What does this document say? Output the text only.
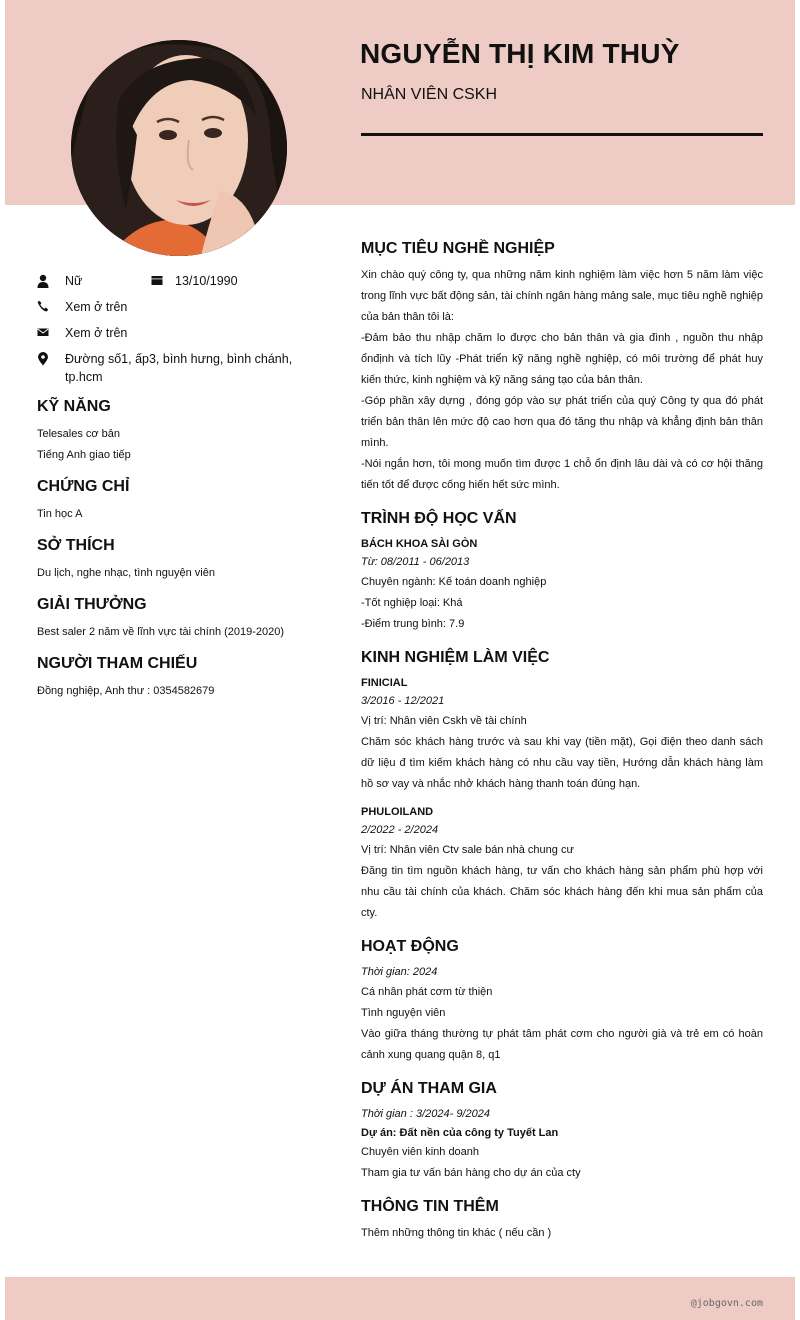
NGUYỄN THỊ KIM THUỲ
NHÂN VIÊN CSKH
Nữ	13/10/1990
Xem ở trên
Xem ở trên
Đường số1, ấp3, bình hưng, bình chánh, tp.hcm
KỸ NĂNG

Telesales cơ bản

Tiếng Anh giao tiếp

CHỨNG CHỈ

Tin học A

SỞ THÍCH

Du lịch, nghe nhạc, tình nguyện viên

GIẢI THƯỞNG

Best saler 2 năm về lĩnh vực tài chính (2019-2020)

NGƯỜI THAM CHIẾU

Đồng nghiệp, Anh thư : 0354582679

MỤC TIÊU NGHỀ NGHIỆP

Xin chào quý công ty, qua những năm kinh nghiệm làm việc hơn 5 năm làm việc trong lĩnh vực bất động sản, tài chính ngân hàng mảng sale, mục tiêu nghề nghiệp của bản thân tôi là:

-Đảm bảo thu nhập chăm lo được cho bản thân và gia đình , nguồn thu nhập ổnđịnh và tích lũy -Phát triển kỹ năng nghề nghiệp, có môi trường để phát huy kiến thức, kinh nghiệm và kỹ năng sáng tạo của bản thân.

-Góp phần xây dựng , đóng góp vào sự phát triển của quý Công ty qua đó phát triển bản thân lên mức độ cao hơn qua đó tăng thu nhập và khẳng định bản thân mình.

-Nói ngắn hơn, tôi mong muốn tìm được 1 chỗ ổn định lâu dài và có cơ hội thăng tiến tốt để được cống hiến hết sức mình.

TRÌNH ĐỘ HỌC VẤN
BÁCH KHOA SÀI GÒN
Từ: 08/2011 - 06/2013
Chuyên ngành: Kế toán doanh nghiệp
-Tốt nghiệp loại: Khá
-Điểm trung bình: 7.9
KINH NGHIỆM LÀM VIỆC
FINICIAL
3/2016 - 12/2021
Vị trí: Nhân viên Cskh về tài chính

Chăm sóc khách hàng trước và sau khi vay (tiền mặt), Gọi điện theo danh sách dữ liệu đ tìm kiếm khách hàng có nhu cầu vay tiền, Hướng dẫn khách hàng làm hồ sơ vay và nhắc nhở khách hàng thanh toán đúng hạn.

PHULOILAND
2/2022 - 2/2024
Vị trí: Nhân viên Ctv sale bán nhà chung cư

Đăng tin tìm nguồn khách hàng, tư vấn cho khách hàng sản phẩm phù hợp với nhu cầu tài chính của khách. Chăm sóc khách hàng đến khi mua sản phẩm của cty.

HOẠT ĐỘNG
Thời gian: 2024
Cá nhân phát cơm từ thiện
Tình nguyện viên

Vào giữa tháng thường tự phát tâm phát cơm cho người già và trẻ em có hoàn cảnh xung quang quận 8, q1

DỰ ÁN THAM GIA
Thời gian : 3/2024- 9/2024
Dự án: Đất nền của công ty Tuyết Lan
Chuyên viên kinh doanh
Tham gia tư vấn bán hàng cho dự án của cty
THÔNG TIN THÊM
Thêm những thông tin khác ( nếu cần )
@jobgovn.com
